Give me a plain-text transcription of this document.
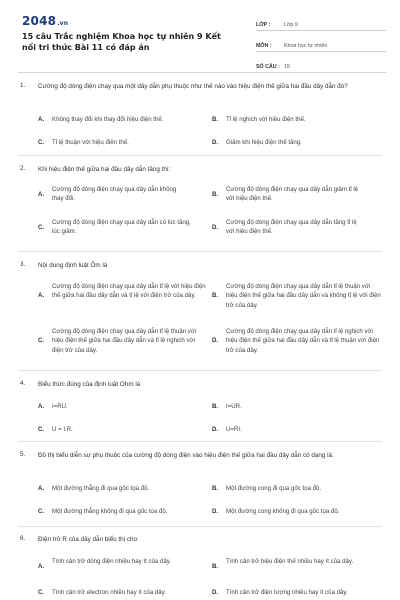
2048.vn
15 câu Trắc nghiệm Khoa học tự nhiên 9 Kết nối tri thức Bài 11 có đáp án
LỚP :	Lớp 9
MÔN :	Khoa học tự nhiên
SỐ CÂU : 15
1.	Cường độ dòng điện chạy qua một dây dẫn phụ thuộc như thế nào vào hiệu điện thế giữa hai đầu dây dẫn đó?
A.	Không thay đổi khi thay đổi hiệu điện thế.	B.	Tỉ lệ nghịch với hiệu điện thế.
C.	Tỉ lệ thuận với hiệu điện thế.	D.	Giảm khi hiệu điện thế tăng.
2.	Khi hiệu điện thế giữa hai đầu dây dẫn tăng thì:
A.
Cường độ dòng điện chạy qua dây dẫn không thay đổi.
B.
Cường độ dòng điện chạy qua dây dẫn giảm tỉ lệ với hiệu điện thế.
C.
Cường độ dòng điện chạy qua dây dẫn có lúc tăng, lúc giảm.
D.
Cường độ dòng điện chạy qua dây dẫn tăng tỉ lệ với hiệu điện thế.
3.	Nội dung định luật Ôm là
A.
Cường độ dòng điện chạy qua dây dẫn tỉ lệ với hiệu điện thế giữa hai đầu dây dẫn và tỉ lệ với điện trở của dây.	B.
Cường độ dòng điện chạy qua dây dẫn tỉ lệ thuận với hiệu điện thế giữa hai đầu dây dẫn và không tỉ lệ với điện trở của dây.
C.
Cường độ dòng điện chạy qua dây dẫn tỉ lệ thuận với hiệu điện thế giữa hai đầu dây dẫn và tỉ lệ nghịch với điện trở của dây.
D.
Cường độ dòng điện chạy qua dây dẫn tỉ lệ nghịch với hiệu điện thế giữa hai đầu dây dẫn và tỉ lệ thuận với điện trở của dây.
4.	Biểu thức đúng của định luật Ohm là
A.	I=RU.	B.	I=UR.
C.	U = I.R.	D.	U=RI.
5.	Đồ thị biểu diễn sự phụ thuộc của cường độ dòng điện vào hiệu điện thế giữa hai đầu dây dẫn có dạng là:
A.	Một đường thẳng đi qua gốc tọa độ.	B.	Một đường cong đi qua gốc tọa độ.
C.	Một đường thẳng không đi qua gốc tọa độ.	D.	Một đường cong không đi qua gốc tọa độ.
6.	Điện trở R của dây dẫn biểu thị cho:
A.
Tính cản trở dòng điện nhiều hay ít của dây.
B.
Tính cản trở hiệu điện thế nhiều hay ít của dây.
C.	Tính cản trở electron nhiều hay ít của dây.	D.	Tính cản trở điện lượng nhiều hay ít của dây.
